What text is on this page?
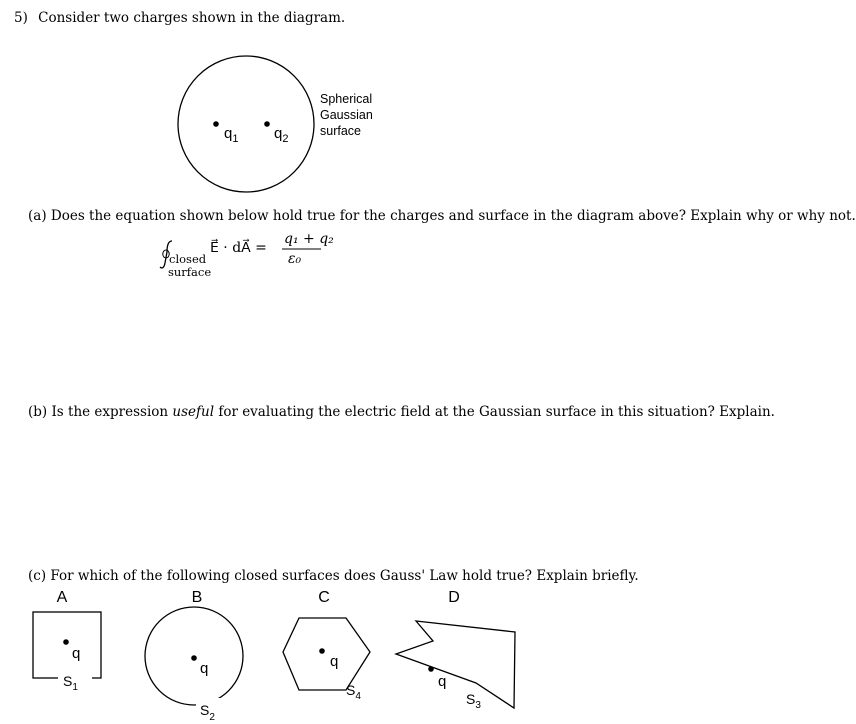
5) Consider two charges shown in the diagram.
$q_1$ $q_2$
Spherical
Gaussian
surface
A	B	C	D
q
$S_1$
q
$S_2$
q
$S_4$
q
$S_3$
(a) Does the equation shown below hold true for the charges and surface in the diagram above? Explain why or why not.
closed
surface
E⃗ · dA⃗ =
q₁ + q₂
ε₀
(b) Is the expression useful for evaluating the electric field at the Gaussian surface in this situation? Explain.
(c) For which of the following closed surfaces does Gauss' Law hold true? Explain briefly.
